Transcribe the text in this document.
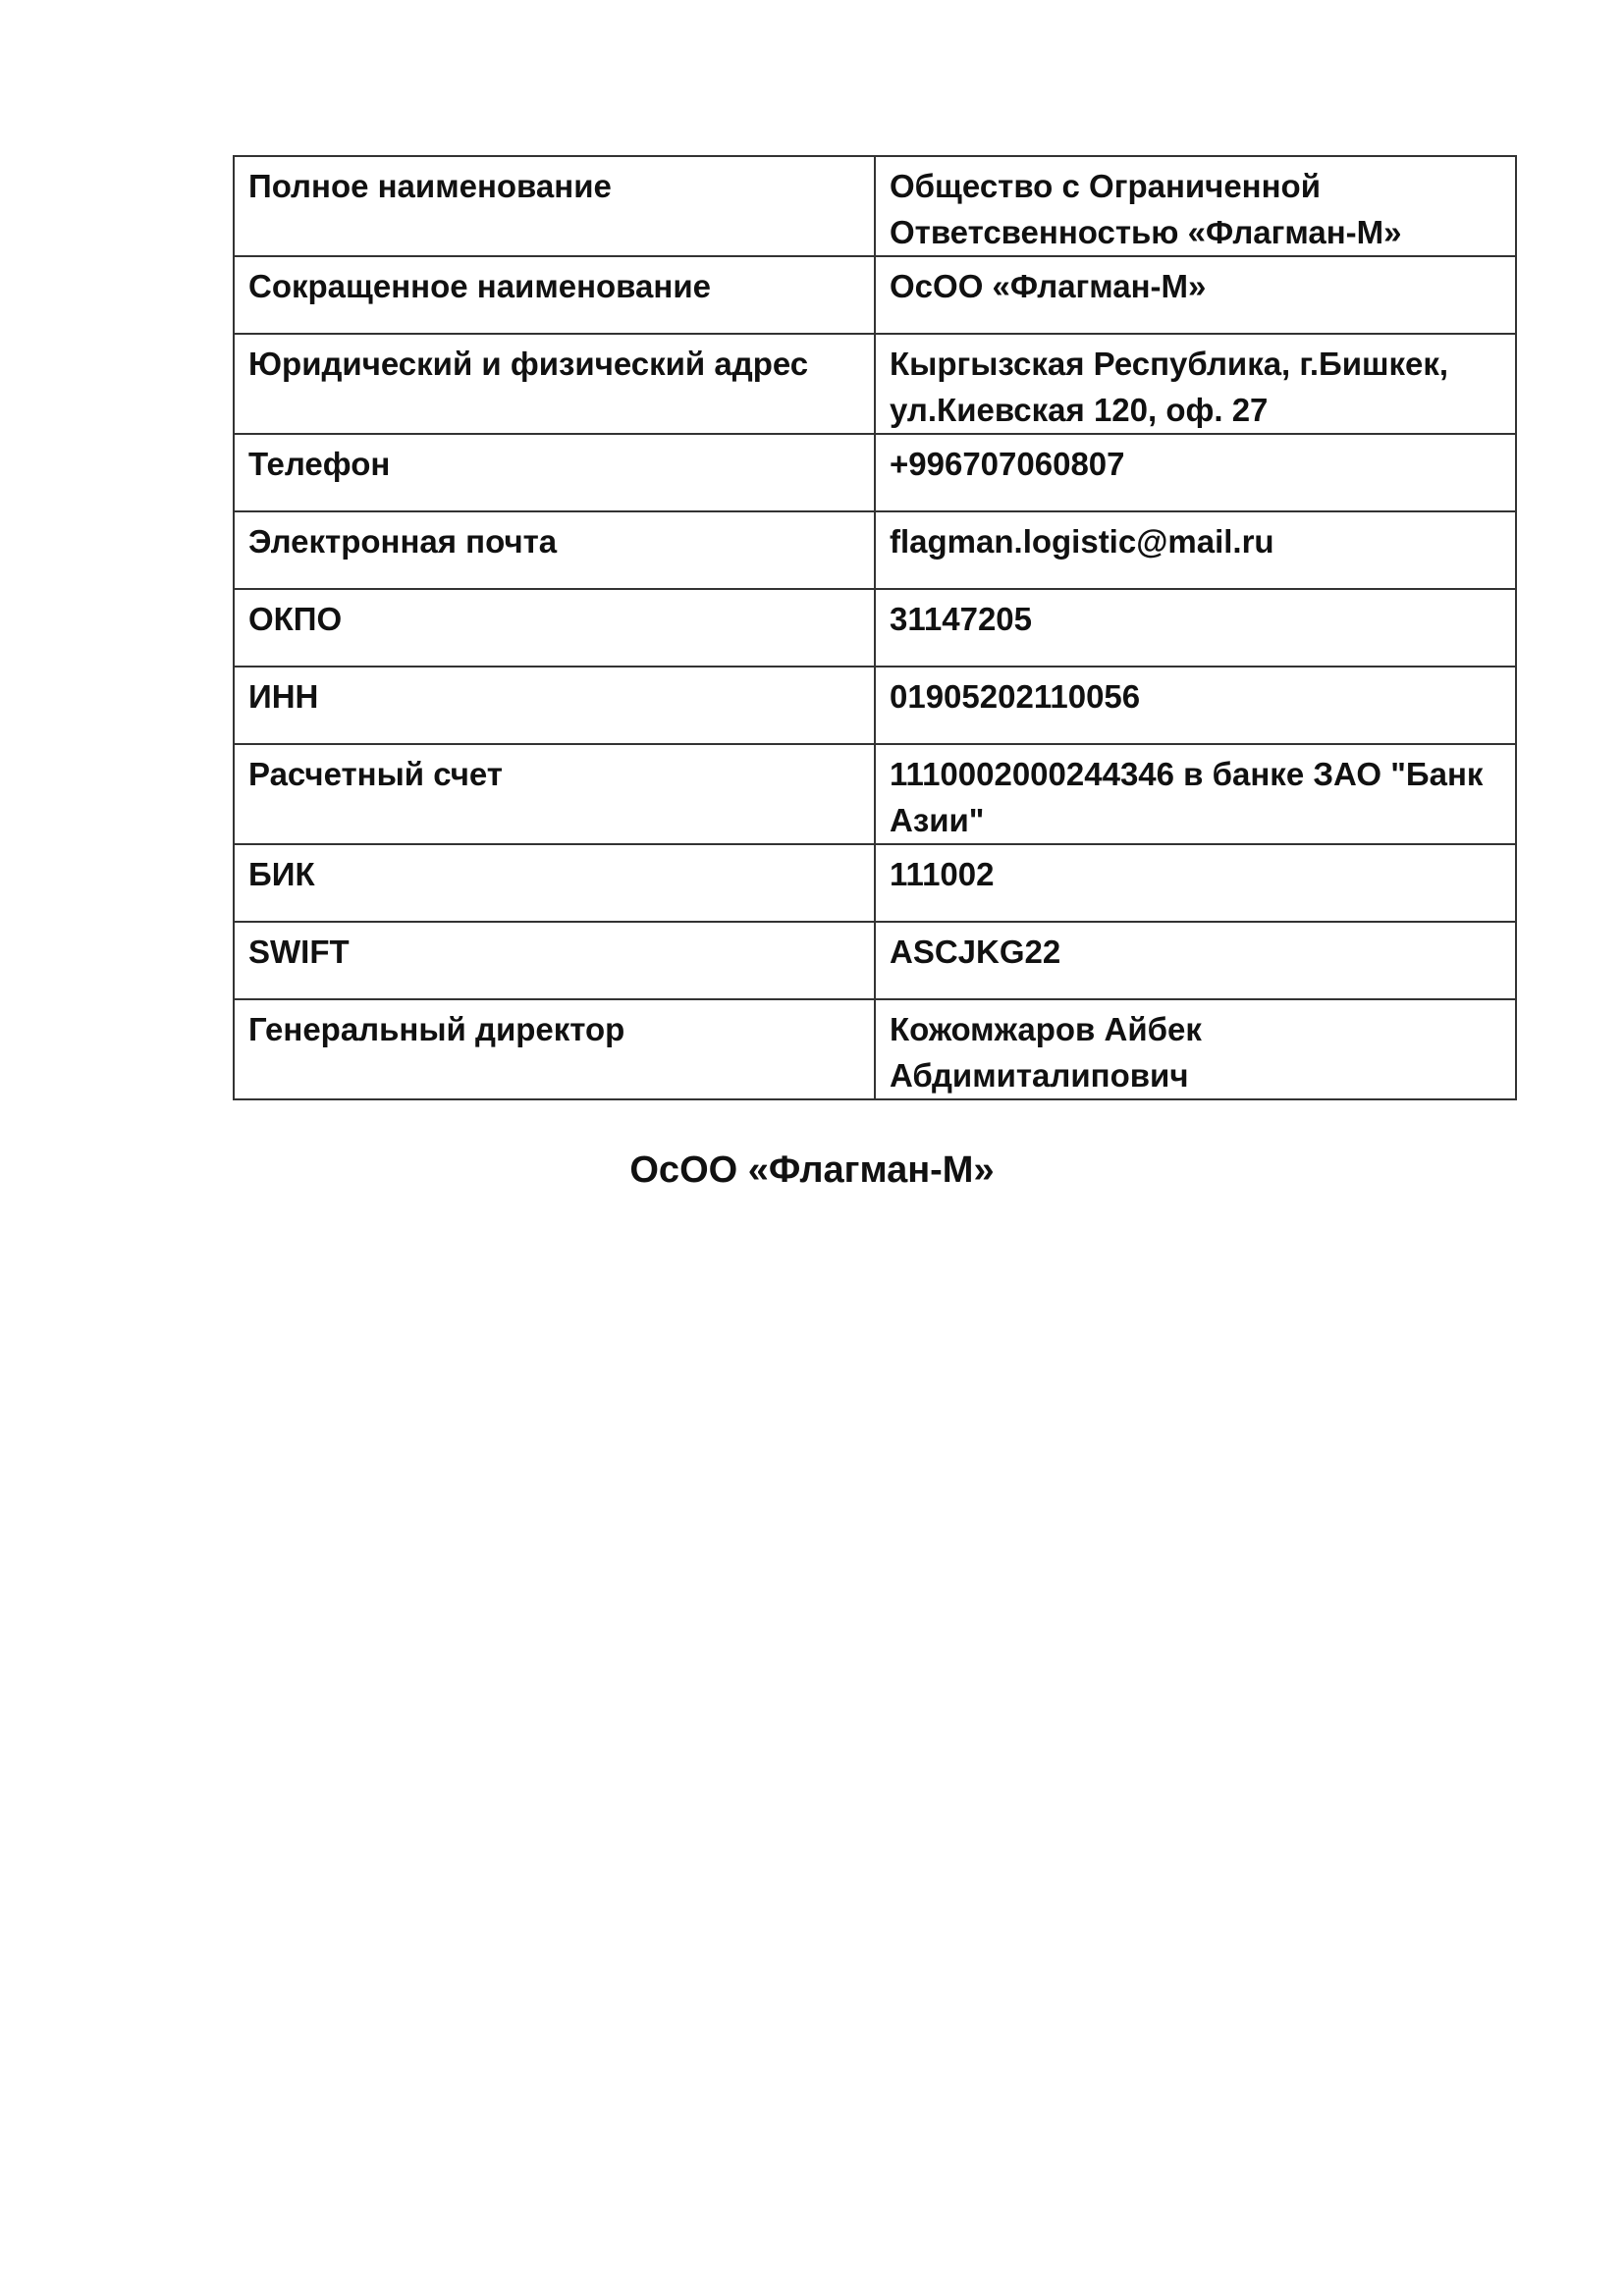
Полное наименование	Общество с Ограниченной Ответсвенностью «Флагман-М»
Сокращенное наименование	ОсОО «Флагман-М»
Юридический и физический адрес	Кыргызская Республика, г.Бишкек, ул.Киевская 120, оф. 27
Телефон	+996707060807
Электронная почта	flagman.logistic@mail.ru
ОКПО	31147205
ИНН	01905202110056
Расчетный счет	1110002000244346 в банке ЗАО "Банк Азии"
БИК	111002
SWIFT	ASCJKG22
Генеральный директор	Кожомжаров Айбек Абдимиталипович
ОсОО «Флагман-М»
